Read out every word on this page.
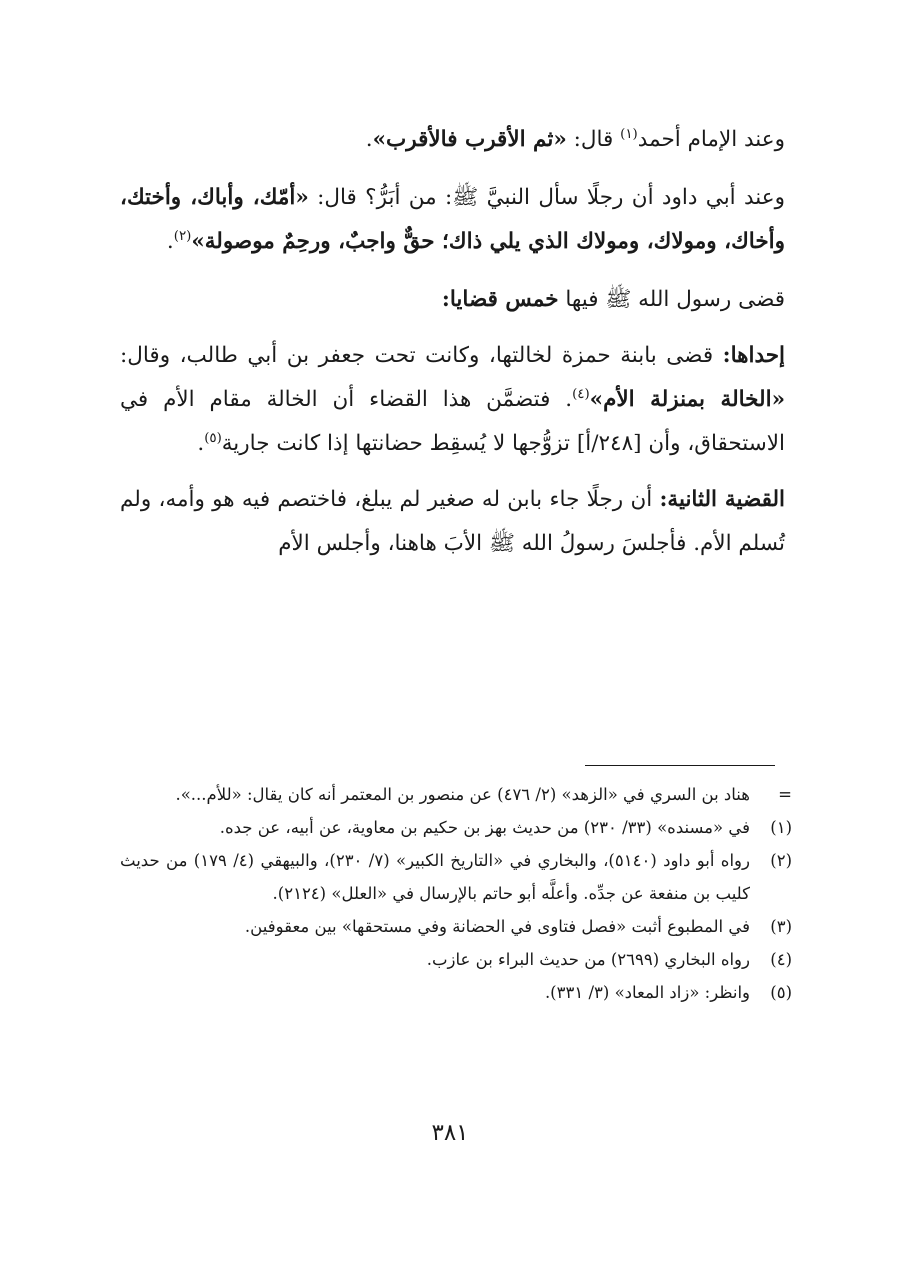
وعند الإمام أحمد$^{(١)}$ قال: «ثم الأقرب فالأقرب».

وعند أبي داود أن رجلًا سأل النبيَّ ﷺ: من أبَرُّ؟ قال: «أمّك، وأباك، وأختك، وأخاك، ومولاك، ومولاك الذي يلي ذاك؛ حقٌّ واجبٌ، ورحِمٌ موصولة»$^{(٢)}$.

قضى رسول الله ﷺ فيها خمس قضايا:

إحداها: قضى بابنة حمزة لخالتها، وكانت تحت جعفر بن أبي طالب، وقال: «الخالة بمنزلة الأم»$^{(٤)}$. فتضمَّن هذا القضاء أن الخالة مقام الأم في الاستحقاق، وأن [٢٤٨/أ] تزوُّجها لا يُسقِط حضانتها إذا كانت جارية$^{(٥)}$.

القضية الثانية: أن رجلًا جاء بابن له صغير لم يبلغ، فاختصم فيه هو وأمه، ولم تُسلم الأم. فأجلسَ رسولُ الله ﷺ الأبَ هاهنا، وأجلس الأم

=
هناد بن السري في «الزهد» (٢/ ٤٧٦) عن منصور بن المعتمر أنه كان يقال: «للأم...».

(١)
في «مسنده» (٣٣/ ٢٣٠) من حديث بهز بن حكيم بن معاوية، عن أبيه، عن جده.

(٢)
رواه أبو داود (٥١٤٠)، والبخاري في «التاريخ الكبير» (٧/ ٢٣٠)، والبيهقي (٤/ ١٧٩) من حديث كليب بن منفعة عن جدِّه. وأعلَّه أبو حاتم بالإرسال في «العلل» (٢١٢٤).

(٣)
في المطبوع أثبت «فصل فتاوى في الحضانة وفي مستحقها» بين معقوفين.

(٤)
رواه البخاري (٢٦٩٩) من حديث البراء بن عازب.

(٥)
وانظر: «زاد المعاد» (٣/ ٣٣١).

٣٨١
